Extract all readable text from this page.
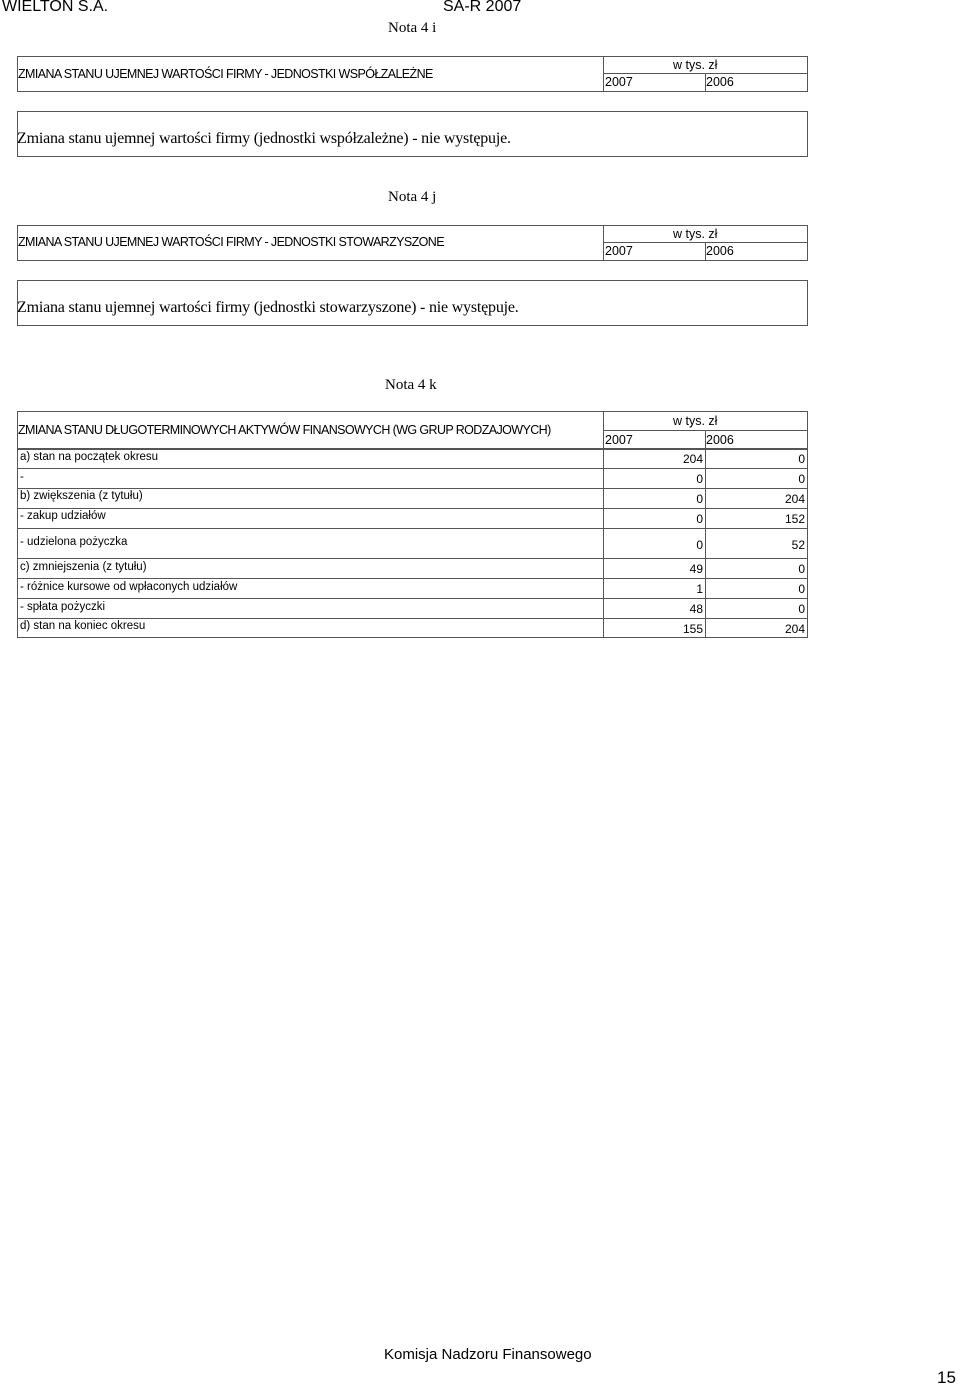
WIELTON S.A.	SA-R 2007
Nota 4 i
ZMIANA STANU UJEMNEJ WARTOŚCI FIRMY - JEDNOSTKI WSPÓŁZALEŻNE
w tys. zł
2007	2006
Zmiana stanu ujemnej wartości firmy (jednostki współzależne) - nie występuje.
Nota 4 j
ZMIANA STANU UJEMNEJ WARTOŚCI FIRMY - JEDNOSTKI STOWARZYSZONE
w tys. zł
2007	2006
Zmiana stanu ujemnej wartości firmy (jednostki stowarzyszone) - nie występuje.
Nota 4 k
ZMIANA STANU DŁUGOTERMINOWYCH AKTYWÓW FINANSOWYCH (WG GRUP RODZAJOWYCH)
w tys. zł
2007	2006
a) stan na początek okresu	204	0
-	0	0
b) zwiększenia (z tytułu)	0	204
- zakup udziałów	0	152
- udzielona pożyczka	0	52
c) zmniejszenia (z tytułu)	49	0
- różnice kursowe od wpłaconych udziałów	1	0
- spłata pożyczki	48	0
d) stan na koniec okresu	155	204
Komisja Nadzoru Finansowego
15
